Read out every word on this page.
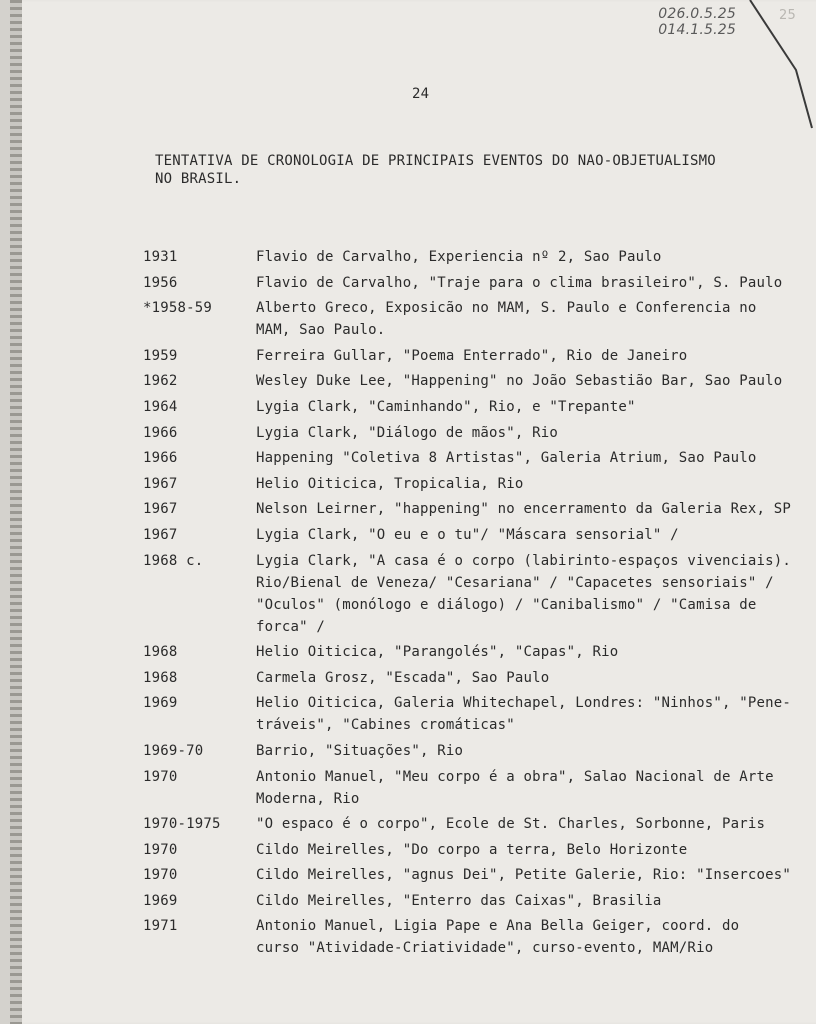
026.0.5.25
014.1.5.25
25
24
TENTATIVA DE CRONOLOGIA DE PRINCIPAIS EVENTOS DO NAO-OBJETUALISMO NO BRASIL.
1931	Flavio de Carvalho, Experiencia nº 2, Sao Paulo
1956	Flavio de Carvalho, "Traje para o clima brasileiro", S. Paulo
*1958-59	Alberto Greco, Exposicão no MAM, S. Paulo e Conferencia no
MAM, Sao Paulo.
1959	Ferreira Gullar, "Poema Enterrado", Rio de Janeiro
1962	Wesley Duke Lee, "Happening" no João Sebastião Bar, Sao Paulo
1964	Lygia Clark, "Caminhando", Rio, e "Trepante"
1966	Lygia Clark, "Diálogo de mãos", Rio
1966	Happening "Coletiva 8 Artistas", Galeria Atrium, Sao Paulo
1967	Helio Oiticica, Tropicalia, Rio
1967	Nelson Leirner, "happening" no encerramento da Galeria Rex, SP
1967	Lygia Clark, "O eu e o tu"/ "Máscara sensorial" /
1968 c.	Lygia Clark, "A casa é o corpo (labirinto-espaços vivenciais).
Rio/Bienal de Veneza/ "Cesariana" / "Capacetes sensoriais" /
"Oculos" (monólogo e diálogo) / "Canibalismo" / "Camisa de
forca" /
1968	Helio Oiticica, "Parangolés", "Capas", Rio
1968	Carmela Grosz, "Escada", Sao Paulo
1969	Helio Oiticica, Galeria Whitechapel, Londres: "Ninhos", "Pene-
tráveis", "Cabines cromáticas"
1969-70	Barrio, "Situações", Rio
1970	Antonio Manuel, "Meu corpo é a obra", Salao Nacional de Arte
Moderna, Rio
1970-1975	"O espaco é o corpo", Ecole de St. Charles, Sorbonne, Paris
1970	Cildo Meirelles, "Do corpo a terra, Belo Horizonte
1970	Cildo Meirelles, "agnus Dei", Petite Galerie, Rio: "Insercoes"
1969	Cildo Meirelles, "Enterro das Caixas", Brasilia
1971	Antonio Manuel, Ligia Pape e Ana Bella Geiger, coord. do
curso "Atividade-Criatividade", curso-evento, MAM/Rio
